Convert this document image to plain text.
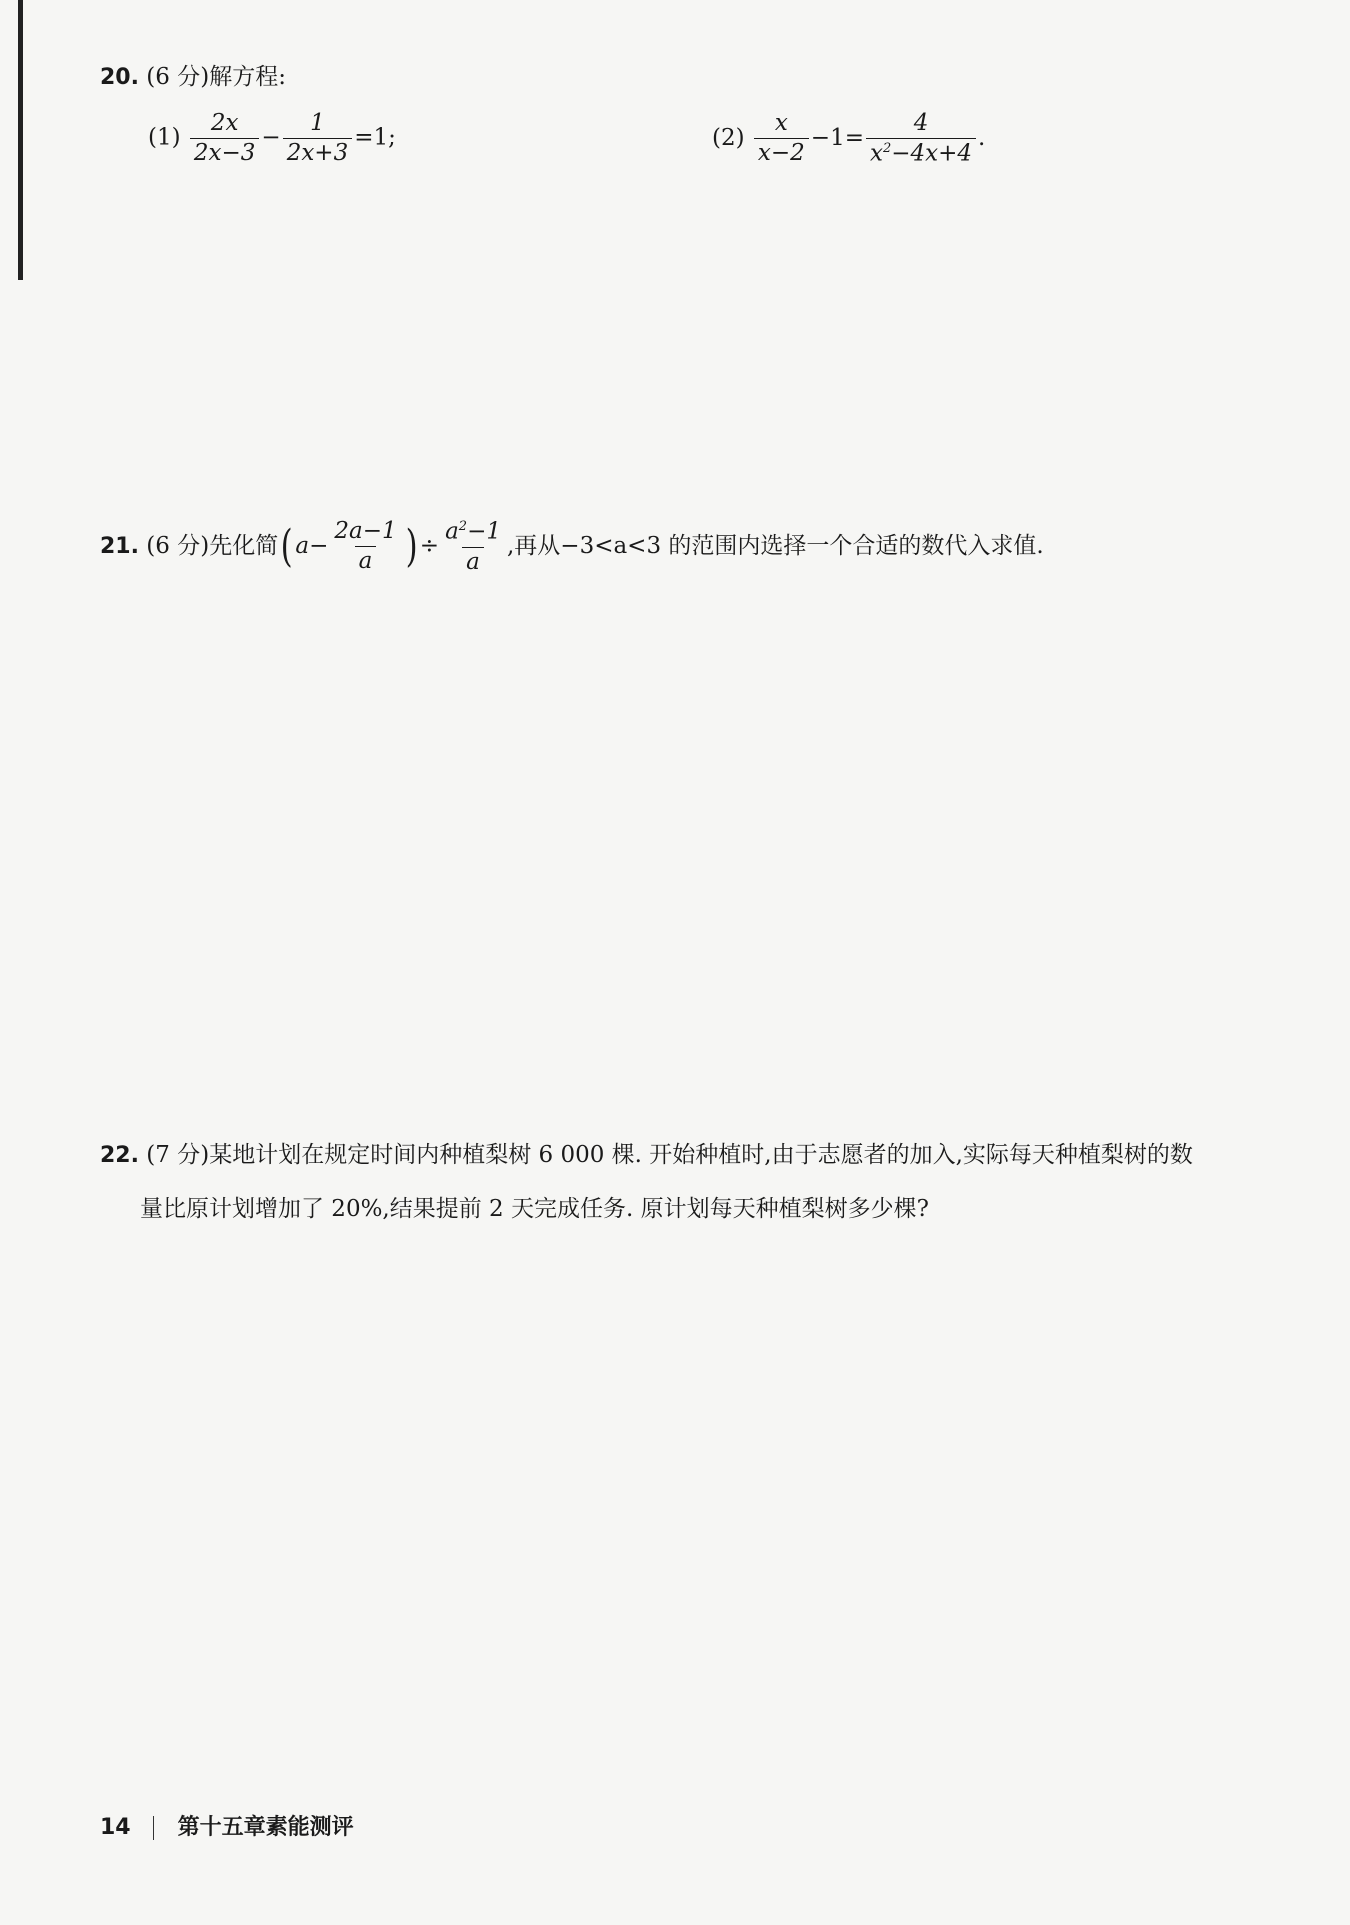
20. (6 分)解方程:
$(1) \frac{2x}{2x-3} - \frac{1}{2x+3} =1$;	$(2) \frac{x}{x-2} -1= \frac{4}{x^2-4x+4}$ .
21. (6 分)先化简( $a- \frac{2a-1}{a}$ ) ÷ $\frac{a^2-1}{a}$ ,再从−3<a<3 的范围内选择一个合适的数代入求值.
22. (7 分)某地计划在规定时间内种植梨树 6 000 棵. 开始种植时,由于志愿者的加入,实际每天种植梨树的数
量比原计划增加了 20%,结果提前 2 天完成任务. 原计划每天种植梨树多少棵?
14 第十五章素能测评
